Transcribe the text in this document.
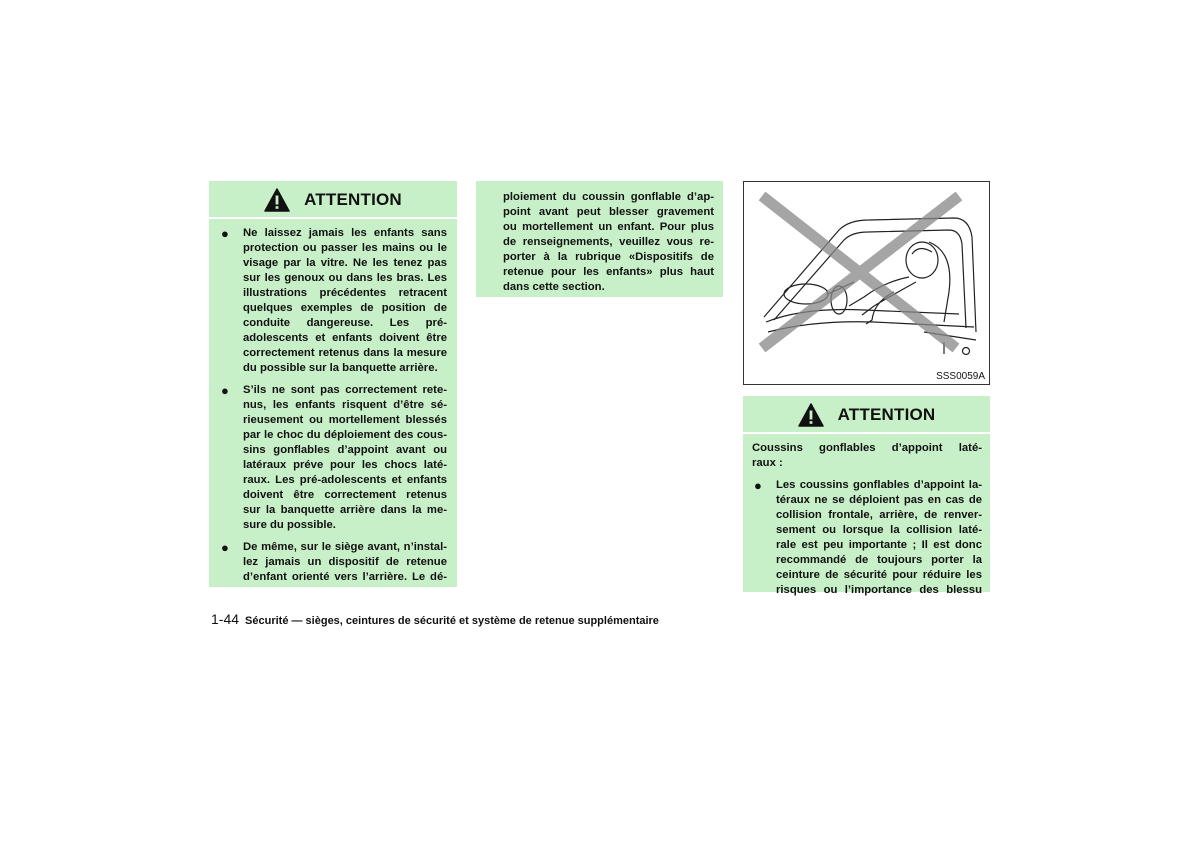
ATTENTION
●	Ne laissez jamais les enfants sans
protection ou passer les mains ou le
visage par la vitre. Ne les tenez pas
sur les genoux ou dans les bras. Les
illustrations précédentes retracent
quelques exemples de position de
conduite dangereuse. Les pré-
adolescents et enfants doivent être
correctement retenus dans la mesure
du possible sur la banquette arrière.
●	S’ils ne sont pas correctement rete-
nus, les enfants risquent d’être sé-
rieusement ou mortellement blessés
par le choc du déploiement des cous-
sins gonflables d’appoint avant ou
latéraux préve pour les chocs laté-
raux. Les pré-adolescents et enfants
doivent être correctement retenus
sur la banquette arrière dans la me-
sure du possible.
●	De même, sur le siège avant, n’instal-
lez jamais un dispositif de retenue
d’enfant orienté vers l’arrière. Le dé-
ploiement du coussin gonflable d’ap-
point avant peut blesser gravement
ou mortellement un enfant. Pour plus
de renseignements, veuillez vous re-
porter à la rubrique «Dispositifs de
retenue pour les enfants» plus haut
dans cette section.
SSS0059A
ATTENTION
Coussins gonflables d’appoint laté-
raux :
●	Les coussins gonflables d’appoint la-
téraux ne se déploient pas en cas de
collision frontale, arrière, de renver-
sement ou lorsque la collision laté-
rale est peu importante ; Il est donc
recommandé de toujours porter la
ceinture de sécurité pour réduire les
risques ou l’importance des blessu
1-44 Sécurité — sièges, ceintures de sécurité et système de retenue supplémentaire
